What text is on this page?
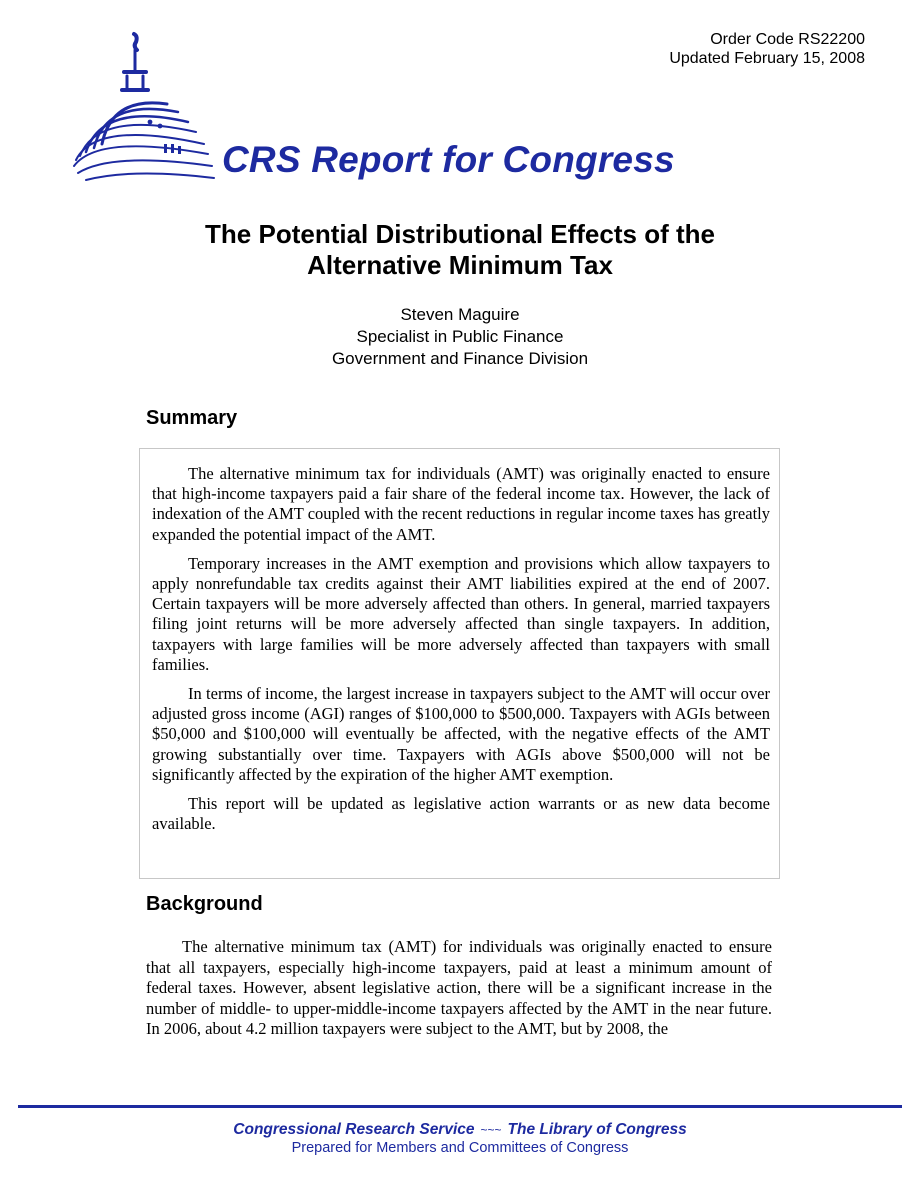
Order Code RS22200
Updated February 15, 2008
CRS Report for Congress
The Potential Distributional Effects of the
Alternative Minimum Tax
Steven Maguire
Specialist in Public Finance
Government and Finance Division
Summary

The alternative minimum tax for individuals (AMT) was originally enacted to ensure that high-income taxpayers paid a fair share of the federal income tax. However, the lack of indexation of the AMT coupled with the recent reductions in regular income taxes has greatly expanded the potential impact of the AMT.

Temporary increases in the AMT exemption and provisions which allow taxpayers to apply nonrefundable tax credits against their AMT liabilities expired at the end of 2007. Certain taxpayers will be more adversely affected than others. In general, married taxpayers filing joint returns will be more adversely affected than single taxpayers. In addition, taxpayers with large families will be more adversely affected than taxpayers with small families.

In terms of income, the largest increase in taxpayers subject to the AMT will occur over adjusted gross income (AGI) ranges of $100,000 to $500,000. Taxpayers with AGIs between $50,000 and $100,000 will eventually be affected, with the negative effects of the AMT growing substantially over time. Taxpayers with AGIs above $500,000 will not be significantly affected by the expiration of the higher AMT exemption.

This report will be updated as legislative action warrants or as new data become available.

Background

The alternative minimum tax (AMT) for individuals was originally enacted to ensure that all taxpayers, especially high-income taxpayers, paid at least a minimum amount of federal taxes. However, absent legislative action, there will be a significant increase in the number of middle- to upper-middle-income taxpayers affected by the AMT in the near future. In 2006, about 4.2 million taxpayers were subject to the AMT, but by 2008, the

Congressional Research Service ~~~ The Library of Congress
Prepared for Members and Committees of Congress
